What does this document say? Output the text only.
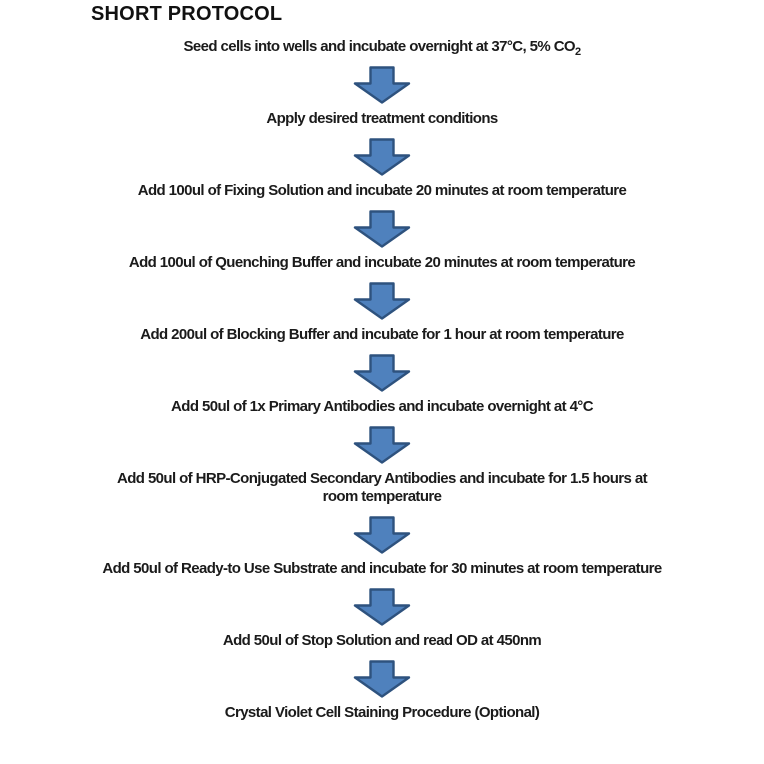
SHORT PROTOCOL
Seed cells into wells and incubate overnight at 37°C, 5% $CO_2$
Apply desired treatment conditions
Add 100ul of Fixing Solution and incubate 20 minutes at room temperature
Add 100ul of Quenching Buffer and incubate 20 minutes at room temperature
Add 200ul of Blocking Buffer and incubate for 1 hour at room temperature
Add 50ul of 1x Primary Antibodies and incubate overnight at 4°C
Add 50ul of HRP-Conjugated Secondary Antibodies and incubate for 1.5 hours at room temperature
Add 50ul of Ready-to Use Substrate and incubate for 30 minutes at room temperature
Add 50ul of Stop Solution and read OD at 450nm
Crystal Violet Cell Staining Procedure (Optional)
